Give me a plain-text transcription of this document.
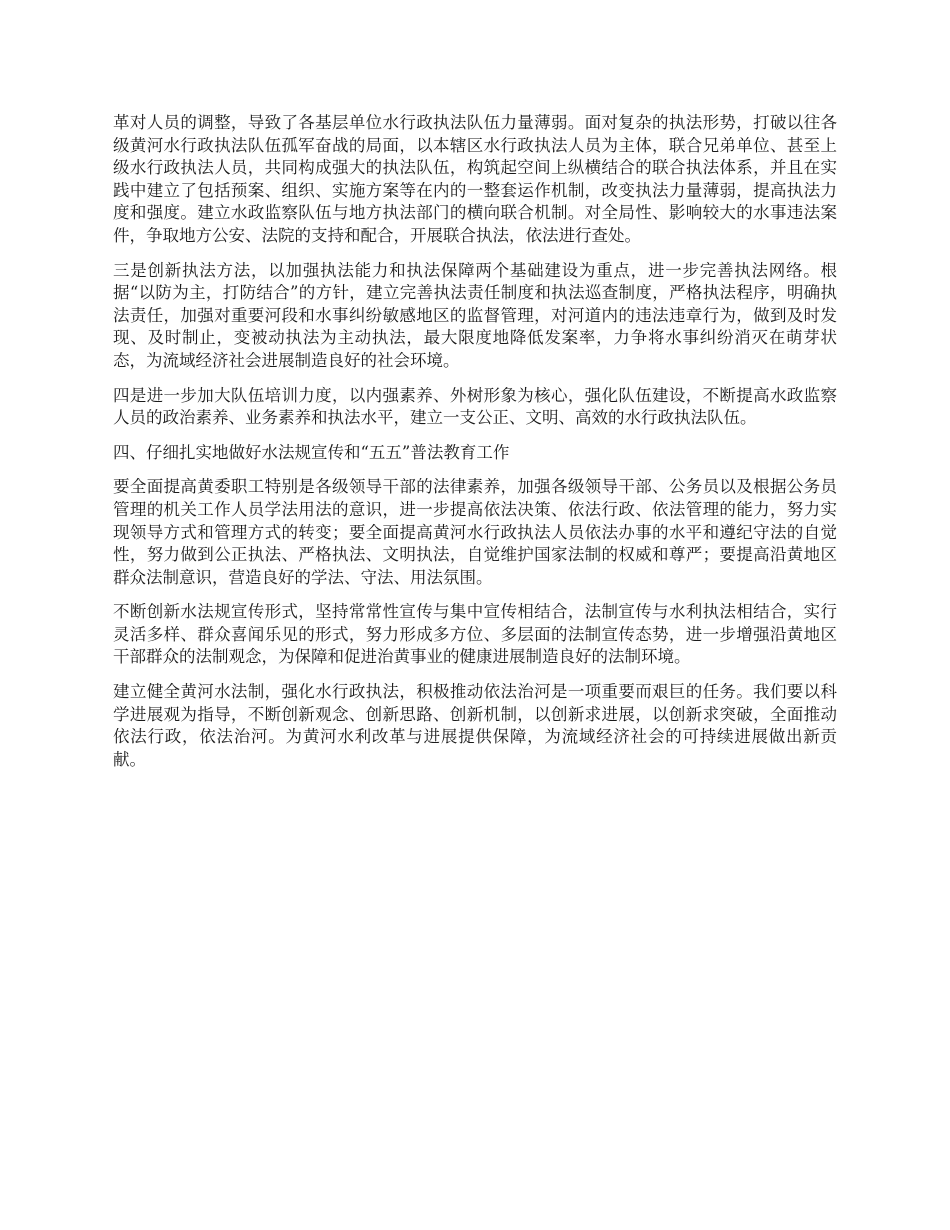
革对人员的调整，导致了各基层单位水行政执法队伍力量薄弱。面对复杂的执法形势，打破以往各级黄河水行政执法队伍孤军奋战的局面，以本辖区水行政执法人员为主体，联合兄弟单位、甚至上级水行政执法人员，共同构成强大的执法队伍，构筑起空间上纵横结合的联合执法体系，并且在实践中建立了包括预案、组织、实施方案等在内的一整套运作机制，改变执法力量薄弱，提高执法力度和强度。建立水政监察队伍与地方执法部门的横向联合机制。对全局性、影响较大的水事违法案件，争取地方公安、法院的支持和配合，开展联合执法，依法进行查处。

三是创新执法方法，以加强执法能力和执法保障两个基础建设为重点，进一步完善执法网络。根据“以防为主，打防结合”的方针，建立完善执法责任制度和执法巡查制度，严格执法程序，明确执法责任，加强对重要河段和水事纠纷敏感地区的监督管理，对河道内的违法违章行为，做到及时发现、及时制止，变被动执法为主动执法，最大限度地降低发案率，力争将水事纠纷消灭在萌芽状态，为流域经济社会进展制造良好的社会环境。

四是进一步加大队伍培训力度，以内强素养、外树形象为核心，强化队伍建设，不断提高水政监察人员的政治素养、业务素养和执法水平，建立一支公正、文明、高效的水行政执法队伍。

四、仔细扎实地做好水法规宣传和“五五”普法教育工作

要全面提高黄委职工特别是各级领导干部的法律素养，加强各级领导干部、公务员以及根据公务员管理的机关工作人员学法用法的意识，进一步提高依法决策、依法行政、依法管理的能力，努力实现领导方式和管理方式的转变；要全面提高黄河水行政执法人员依法办事的水平和遵纪守法的自觉性，努力做到公正执法、严格执法、文明执法，自觉维护国家法制的权威和尊严；要提高沿黄地区群众法制意识，营造良好的学法、守法、用法氛围。

不断创新水法规宣传形式，坚持常常性宣传与集中宣传相结合，法制宣传与水利执法相结合，实行灵活多样、群众喜闻乐见的形式，努力形成多方位、多层面的法制宣传态势，进一步增强沿黄地区干部群众的法制观念，为保障和促进治黄事业的健康进展制造良好的法制环境。

建立健全黄河水法制，强化水行政执法，积极推动依法治河是一项重要而艰巨的任务。我们要以科学进展观为指导，不断创新观念、创新思路、创新机制，以创新求进展，以创新求突破，全面推动依法行政，依法治河。为黄河水利改革与进展提供保障，为流域经济社会的可持续进展做出新贡献。
